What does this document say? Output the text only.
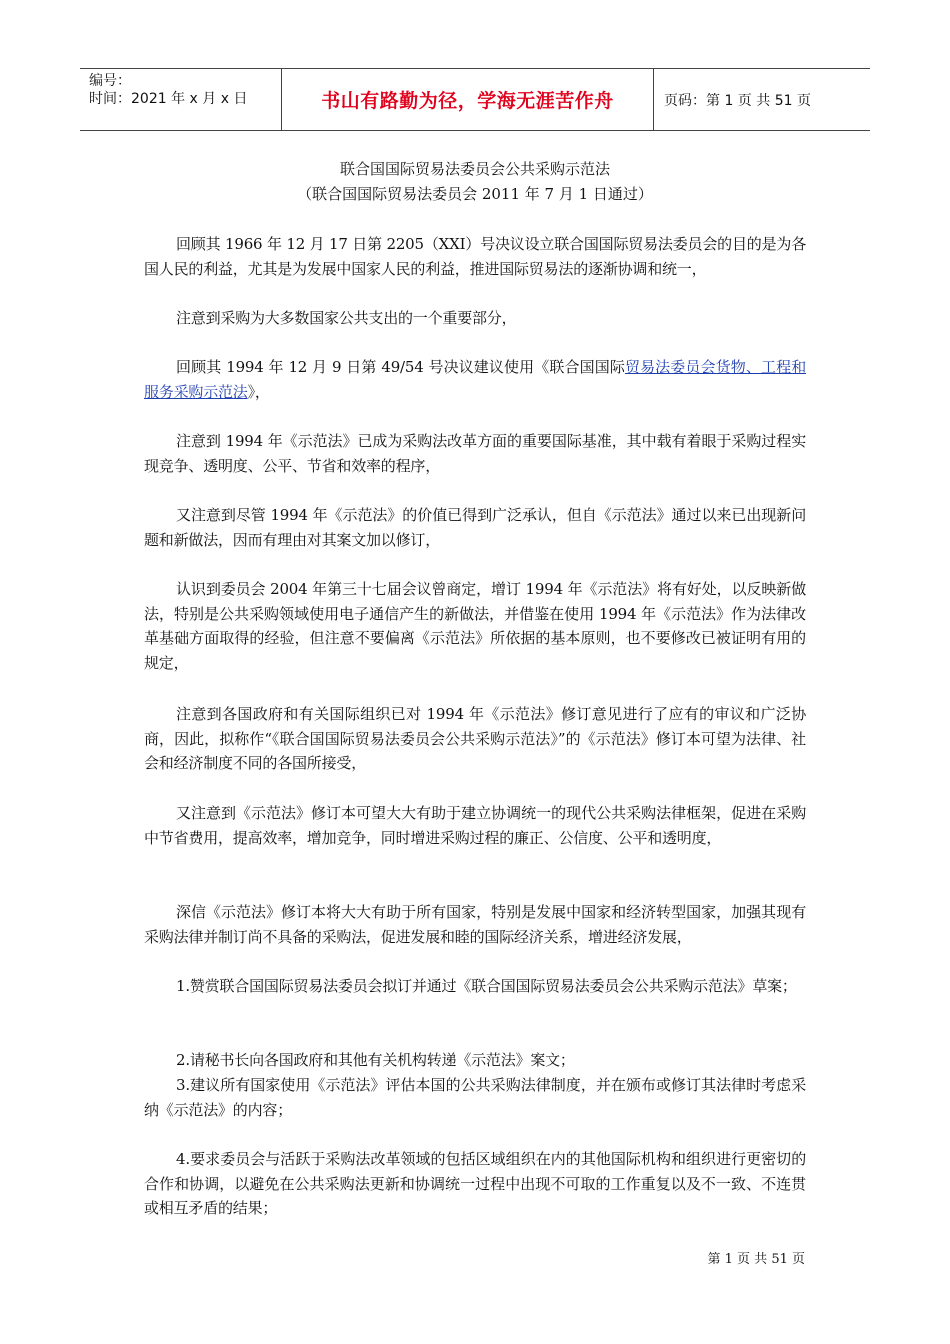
编号：
时间：2021 年 x 月 x 日	书山有路勤为径，学海无涯苦作舟	页码：第 1 页 共 51 页
联合国国际贸易法委员会公共采购示范法
（联合国国际贸易法委员会 2011 年 7 月 1 日通过）
回顾其 1966 年 12 月 17 日第 2205（XXI）号决议设立联合国国际贸易法委员会的目的是为各国人民的利益，尤其是为发展中国家人民的利益，推进国际贸易法的逐渐协调和统一，
注意到采购为大多数国家公共支出的一个重要部分，
回顾其 1994 年 12 月 9 日第 49/54 号决议建议使用《联合国国际贸易法委员会货物、工程和服务采购示范法》，
注意到 1994 年《示范法》已成为采购法改革方面的重要国际基准，其中载有着眼于采购过程实现竞争、透明度、公平、节省和效率的程序，
又注意到尽管 1994 年《示范法》的价值已得到广泛承认，但自《示范法》通过以来已出现新问题和新做法，因而有理由对其案文加以修订，
认识到委员会 2004 年第三十七届会议曾商定，增订 1994 年《示范法》将有好处，以反映新做法，特别是公共采购领域使用电子通信产生的新做法，并借鉴在使用 1994 年《示范法》作为法律改革基础方面取得的经验，但注意不要偏离《示范法》所依据的基本原则，也不要修改已被证明有用的规定，
注意到各国政府和有关国际组织已对 1994 年《示范法》修订意见进行了应有的审议和广泛协商，因此，拟称作“《联合国国际贸易法委员会公共采购示范法》”的《示范法》修订本可望为法律、社会和经济制度不同的各国所接受，
又注意到《示范法》修订本可望大大有助于建立协调统一的现代公共采购法律框架，促进在采购中节省费用，提高效率，增加竞争，同时增进采购过程的廉正、公信度、公平和透明度，
深信《示范法》修订本将大大有助于所有国家，特别是发展中国家和经济转型国家，加强其现有采购法律并制订尚不具备的采购法，促进发展和睦的国际经济关系，增进经济发展，
1.赞赏联合国国际贸易法委员会拟订并通过《联合国国际贸易法委员会公共采购示范法》草案；
2.请秘书长向各国政府和其他有关机构转递《示范法》案文；
3.建议所有国家使用《示范法》评估本国的公共采购法律制度，并在颁布或修订其法律时考虑采纳《示范法》的内容；
4.要求委员会与活跃于采购法改革领域的包括区域组织在内的其他国际机构和组织进行更密切的合作和协调，以避免在公共采购法更新和协调统一过程中出现不可取的工作重复以及不一致、不连贯或相互矛盾的结果；
第 1 页 共 51 页
